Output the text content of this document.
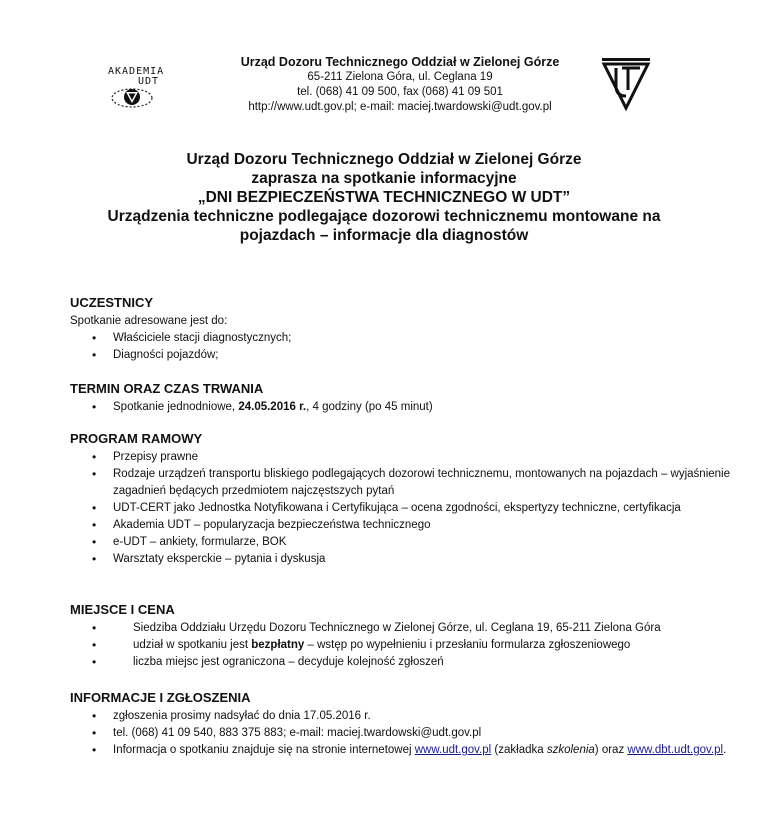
AKADEMIA
UDT
Urząd Dozoru Technicznego Oddział w Zielonej Górze
65-211 Zielona Góra, ul. Ceglana 19
tel. (068) 41 09 500, fax (068) 41 09 501
http://www.udt.gov.pl; e-mail: maciej.twardowski@udt.gov.pl
Urząd Dozoru Technicznego Oddział w Zielonej Górze
zaprasza na spotkanie informacyjne
„DNI BEZPIECZEŃSTWA TECHNICZNEGO W UDT”
Urządzenia techniczne podlegające dozorowi technicznemu montowane na
pojazdach – informacje dla diagnostów
UCZESTNICY
Spotkanie adresowane jest do:
• Właściciele stacji diagnostycznych;
• Diagności pojazdów;
TERMIN ORAZ CZAS TRWANIA
• Spotkanie jednodniowe, 24.05.2016 r., 4 godziny (po 45 minut)
PROGRAM RAMOWY
• Przepisy prawne
• Rodzaje urządzeń transportu bliskiego podlegających dozorowi technicznemu, montowanych na pojazdach – wyjaśnienie zagadnień będących przedmiotem najczęstszych pytań
• UDT-CERT jako Jednostka Notyfikowana i Certyfikująca – ocena zgodności, ekspertyzy techniczne, certyfikacja
• Akademia UDT – popularyzacja bezpieczeństwa technicznego
• e-UDT – ankiety, formularze, BOK
• Warsztaty eksperckie – pytania i dyskusja
MIEJSCE I CENA
• Siedziba Oddziału Urzędu Dozoru Technicznego w Zielonej Górze, ul. Ceglana 19, 65-211 Zielona Góra
• udział w spotkaniu jest bezpłatny – wstęp po wypełnieniu i przesłaniu formularza zgłoszeniowego
• liczba miejsc jest ograniczona – decyduje kolejność zgłoszeń
INFORMACJE I ZGŁOSZENIA
• zgłoszenia prosimy nadsyłać do dnia 17.05.2016 r.
• tel. (068) 41 09 540, 883 375 883; e-mail: maciej.twardowski@udt.gov.pl
• Informacja o spotkaniu znajduje się na stronie internetowej www.udt.gov.pl (zakładka szkolenia) oraz www.dbt.udt.gov.pl.
